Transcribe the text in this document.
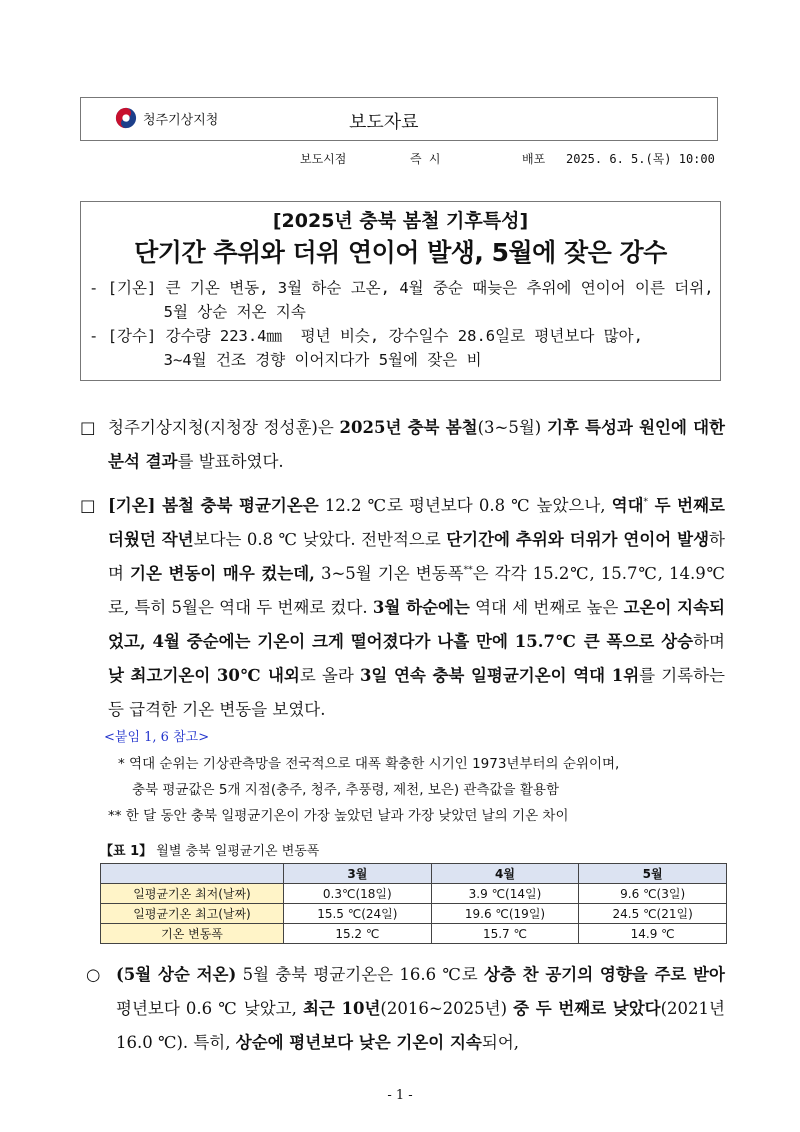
청주기상지청	보도자료
보도시점	즉 시	배포	2025. 6. 5.(목) 10:00
[2025년 충북 봄철 기후특성]
단기간 추위와 더위 연이어 발생, 5월에 잦은 강수
- [기온] 큰 기온 변동, 3월 하순 고온, 4월 중순 때늦은 추위에 연이어 이른 더위,
5월 상순 저온 지속
- [강수] 강수량 223.4㎜  평년 비슷, 강수일수 28.6일로 평년보다 많아,
3~4월 건조 경향 이어지다가 5월에 잦은 비
□ 청주기상지청(지청장 정성훈)은 2025년 충북 봄철(3~5월) 기후 특성과 원인에 대한 분석 결과를 발표하였다.
□ [기온] 봄철 충북 평균기온은 12.2 ℃로 평년보다 0.8 ℃ 높았으나, 역대* 두 번째로 더웠던 작년보다는 0.8 ℃ 낮았다. 전반적으로 단기간에 추위와 더위가 연이어 발생하며 기온 변동이 매우 컸는데, 3~5월 기온 변동폭**은 각각 15.2℃, 15.7℃, 14.9℃로, 특히 5월은 역대 두 번째로 컸다. 3월 하순에는 역대 세 번째로 높은 고온이 지속되었고, 4월 중순에는 기온이 크게 떨어졌다가 나흘 만에 15.7℃ 큰 폭으로 상승하며 낮 최고기온이 30℃ 내외로 올라 3일 연속 충북 일평균기온이 역대 1위를 기록하는 등 급격한 기온 변동을 보였다.
<붙임 1, 6 참고>
* 역대 순위는 기상관측망을 전국적으로 대폭 확충한 시기인 1973년부터의 순위이며,
충북 평균값은 5개 지점(충주, 청주, 추풍령, 제천, 보은) 관측값을 활용함
** 한 달 동안 충북 일평균기온이 가장 높았던 날과 가장 낮았던 날의 기온 차이
【표 1】 월별 충북 일평균기온 변동폭
	3월	4월	5월
일평균기온 최저(날짜)	0.3℃(18일)	3.9 ℃(14일)	9.6 ℃(3일)
일평균기온 최고(날짜)	15.5 ℃(24일)	19.6 ℃(19일)	24.5 ℃(21일)
기온 변동폭	15.2 ℃	15.7 ℃	14.9 ℃
○ (5월 상순 저온) 5월 충북 평균기온은 16.6 ℃로 상층 찬 공기의 영향을 주로 받아 평년보다 0.6 ℃ 낮았고, 최근 10년(2016~2025년) 중 두 번째로 낮았다(2021년 16.0 ℃). 특히, 상순에 평년보다 낮은 기온이 지속되어,
- 1 -
